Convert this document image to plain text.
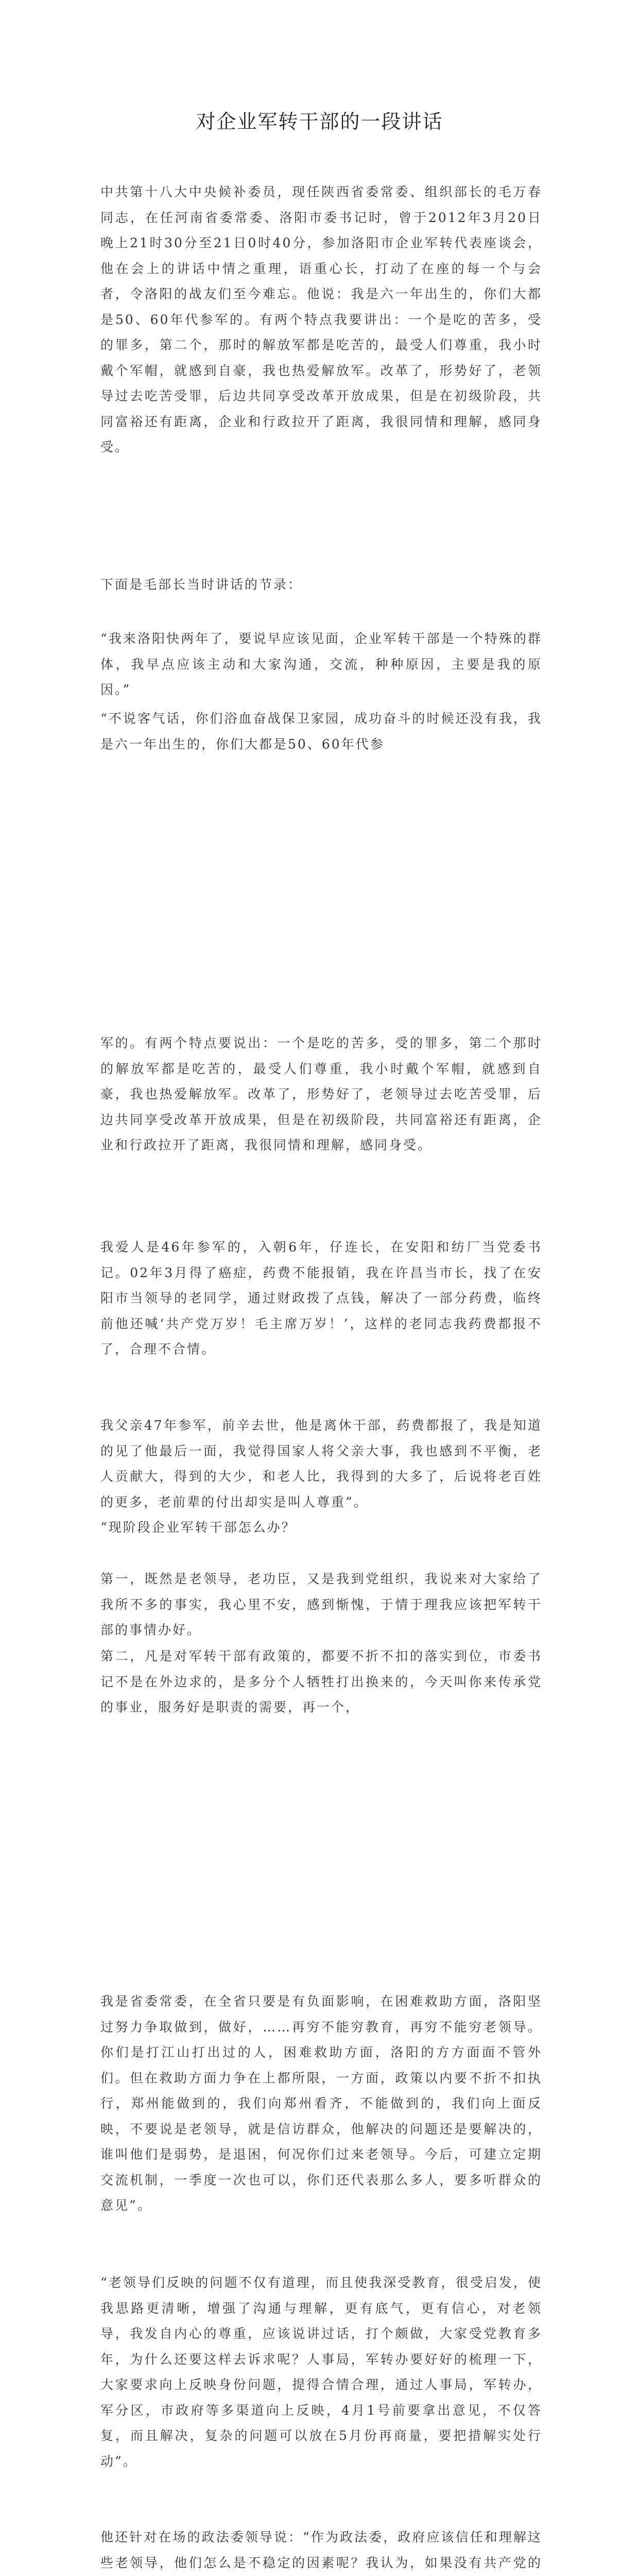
对企业军转干部的一段讲话

中共第十八大中央候补委员，现任陕西省委常委、组织部长的毛万春同志，在任河南省委常委、洛阳市委书记时，曾于2012年3月20日晚上21时30分至21日0时40分，参加洛阳市企业军转代表座谈会，他在会上的讲话中情之重理，语重心长，打动了在座的每一个与会者，令洛阳的战友们至今难忘。他说：我是六一年出生的，你们大都是50、60年代参军的。有两个特点我要讲出：一个是吃的苦多，受的罪多，第二个，那时的解放军都是吃苦的，最受人们尊重，我小时戴个军帽，就感到自豪，我也热爱解放军。改革了，形势好了，老领导过去吃苦受罪，后边共同享受改革开放成果，但是在初级阶段，共同富裕还有距离，企业和行政拉开了距离，我很同情和理解，感同身受。

下面是毛部长当时讲话的节录：

“我来洛阳快两年了，要说早应该见面，企业军转干部是一个特殊的群体，我早点应该主动和大家沟通，交流，种种原因，主要是我的原因。”

“不说客气话，你们浴血奋战保卫家园，成功奋斗的时候还没有我，我是六一年出生的，你们大都是50、60年代参

军的。有两个特点要说出：一个是吃的苦多，受的罪多，第二个那时的解放军都是吃苦的，最受人们尊重，我小时戴个军帽，就感到自豪，我也热爱解放军。改革了，形势好了，老领导过去吃苦受罪，后边共同享受改革开放成果，但是在初级阶段，共同富裕还有距离，企业和行政拉开了距离，我很同情和理解，感同身受。

我爱人是46年参军的，入朝6年，仔连长，在安阳和纺厂当党委书记。02年3月得了癌症，药费不能报销，我在许昌当市长，找了在安阳市当领导的老同学，通过财政拨了点钱，解决了一部分药费，临终前他还喊‘共产党万岁！毛主席万岁！’，这样的老同志我药费都报不了，合理不合情。

我父亲47年参军，前辛去世，他是离休干部，药费都报了，我是知道的见了他最后一面，我觉得国家人将父亲大事，我也感到不平衡，老人贡献大，得到的大少，和老人比，我得到的大多了，后说将老百姓的更多，老前辈的付出却实是叫人尊重”。

“现阶段企业军转干部怎么办？

第一，既然是老领导，老功臣，又是我到党组织，我说来对大家给了我所不多的事实，我心里不安，感到惭愧，于情于理我应该把军转干部的事情办好。

第二，凡是对军转干部有政策的，都要不折不扣的落实到位，市委书记不是在外边求的，是多分个人牺牲打出换来的，今天叫你来传承党的事业，服务好是职责的需要，再一个，

我是省委常委，在全省只要是有负面影响，在困难救助方面，洛阳坚过努力争取做到，做好，……再穷不能穷教育，再穷不能穷老领导。你们是打江山打出过的人，困难救助方面，洛阳的方方面面不管外们。但在救助方面力争在上都所限，一方面，政策以内要不折不扣执行，郑州能做到的，我们向郑州看齐，不能做到的，我们向上面反映，不要说是老领导，就是信访群众，他解决的问题还是要解决的，谁叫他们是弱势，是退困，何况你们过来老领导。今后，可建立定期交流机制，一季度一次也可以，你们还代表那么多人，要多听群众的意见”。

“老领导们反映的问题不仅有道理，而且使我深受教育，很受启发，使我思路更清晰，增强了沟通与理解，更有底气，更有信心，对老领导，我发自内心的尊重，应该说讲过话，打个颇做，大家受党教育多年，为什么还要这样去诉求呢？人事局，军转办要好好的梳理一下，大家要求向上反映身份问题，提得合情合理，通过人事局，军转办，军分区，市政府等多渠道向上反映，4月1号前要拿出意见，不仅答复，而且解决，复杂的问题可以放在5月份再商量，要把措解实处行动”。

他还针对在场的政法委领导说：“作为政法委，政府应该信任和理解这些老领导，他们怎么是不稳定的因素呢？我认为，如果没有共产党的
